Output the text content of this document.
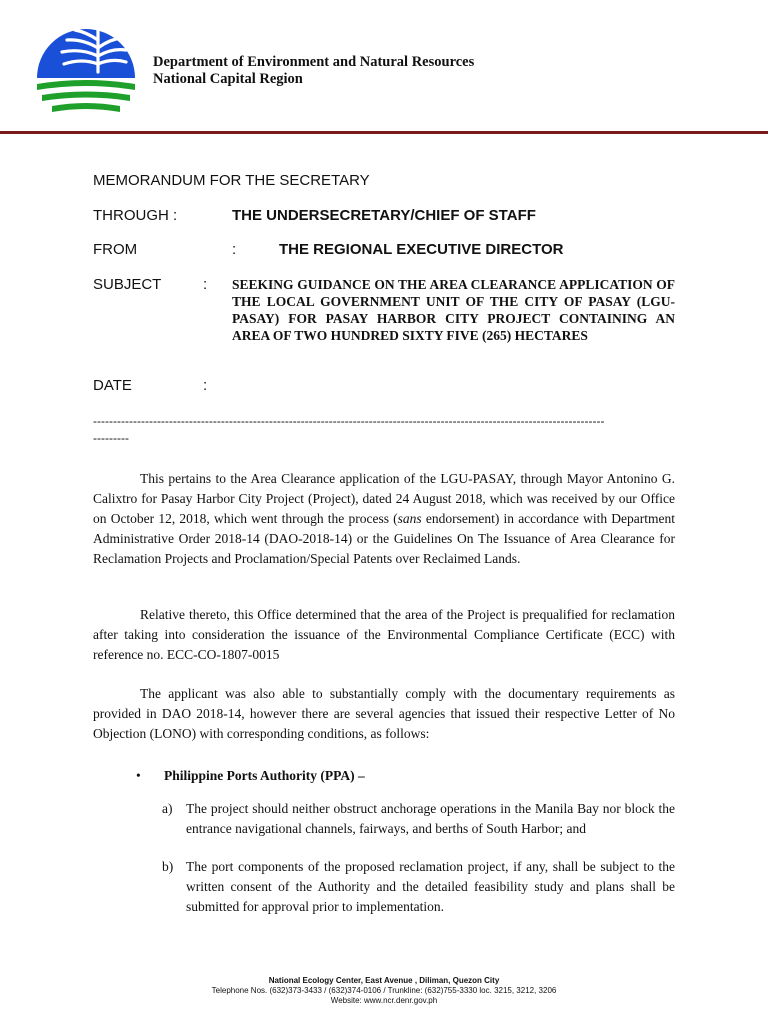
Department of Environment and Natural Resources
National Capital Region
MEMORANDUM FOR THE SECRETARY
THROUGH :	THE UNDERSECRETARY/CHIEF OF STAFF
FROM	:	THE REGIONAL EXECUTIVE DIRECTOR
SUBJECT	: SEEKING GUIDANCE ON THE AREA CLEARANCE APPLICATION OF THE LOCAL GOVERNMENT UNIT OF THE CITY OF PASAY (LGU-PASAY) FOR PASAY HARBOR CITY PROJECT CONTAINING AN AREA OF TWO HUNDRED SIXTY FIVE (265) HECTARES
DATE	:
--------------------------------------------------------------------------------------------------------------------------------
---------

This pertains to the Area Clearance application of the LGU-PASAY, through Mayor Antonino G. Calixtro for Pasay Harbor City Project (Project), dated 24 August 2018, which was received by our Office on October 12, 2018, which went through the process (sans endorsement) in accordance with Department Administrative Order 2018-14 (DAO-2018-14) or the Guidelines On The Issuance of Area Clearance for Reclamation Projects and Proclamation/Special Patents over Reclaimed Lands.

Relative thereto, this Office determined that the area of the Project is prequalified for reclamation after taking into consideration the issuance of the Environmental Compliance Certificate (ECC) with reference no. ECC-CO-1807-0015

The applicant was also able to substantially comply with the documentary requirements as provided in DAO 2018-14, however there are several agencies that issued their respective Letter of No Objection (LONO) with corresponding conditions, as follows:

• Philippine Ports Authority (PPA) –
a) The project should neither obstruct anchorage operations in the Manila Bay nor block the entrance navigational channels, fairways, and berths of South Harbor; and
b) The port components of the proposed reclamation project, if any, shall be subject to the written consent of the Authority and the detailed feasibility study and plans shall be submitted for approval prior to implementation.
National Ecology Center, East Avenue , Diliman, Quezon City
Telephone Nos. (632)373-3433 / (632)374-0106 / Trunkline: (632)755-3330 loc. 3215, 3212, 3206
Website: www.ncr.denr.gov.ph
